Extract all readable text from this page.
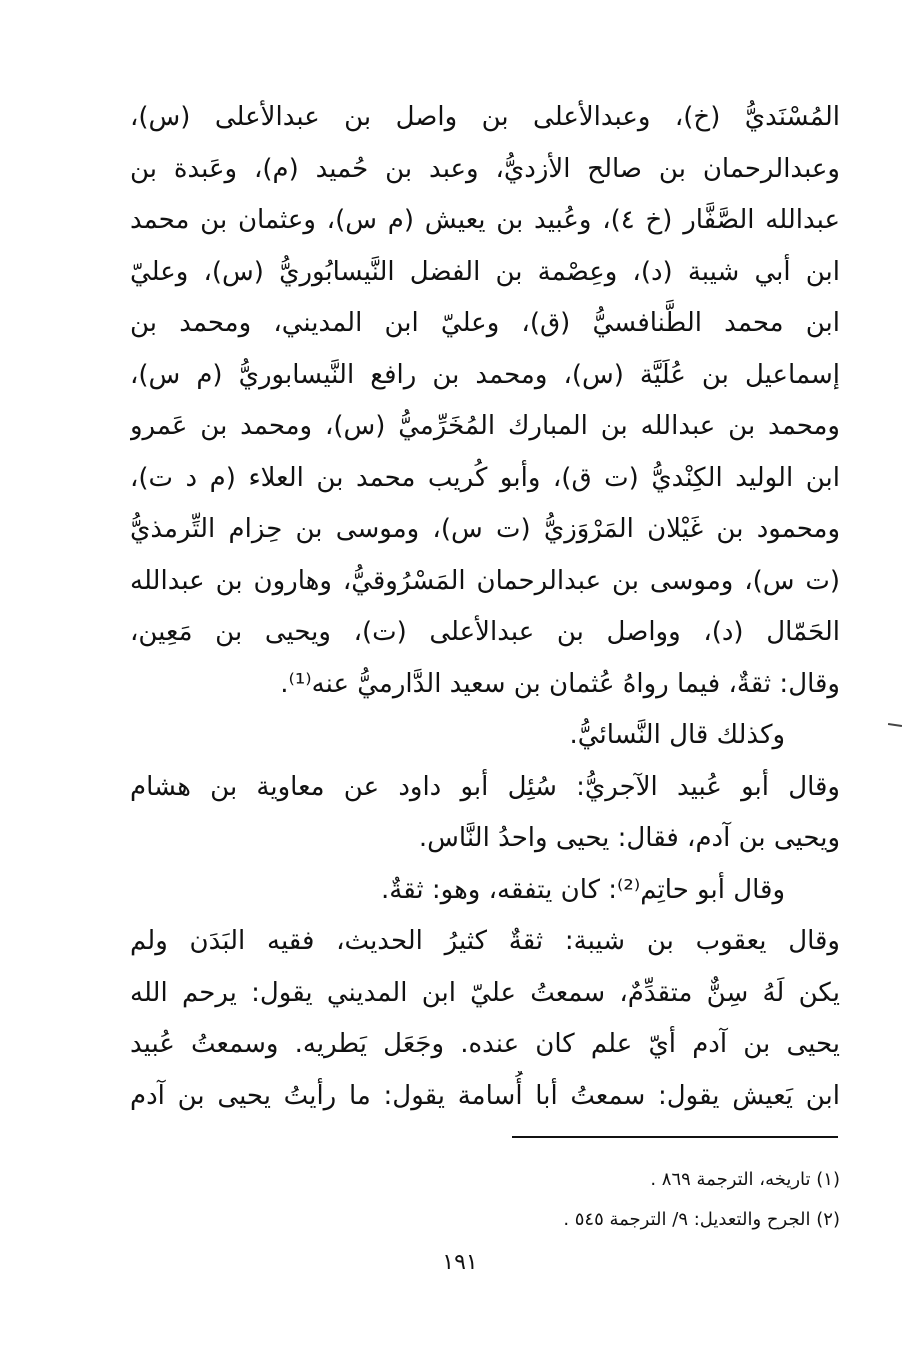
المُسْنَديُّ (خ)، وعبدالأعلى بن واصل بن عبدالأعلى (س)،
وعبدالرحمان بن صالح الأزديُّ، وعبد بن حُميد (م)، وعَبدة بن
عبدالله الصَّفَّار (خ ٤)، وعُبيد بن يعيش (م س)، وعثمان بن محمد
ابن أبي شيبة (د)، وعِصْمة بن الفضل النَّيسابُوريُّ (س)، وعليّ
ابن محمد الطَّنافسيُّ (ق)، وعليّ ابن المديني، ومحمد بن
إسماعيل بن عُلَيَّة (س)، ومحمد بن رافع النَّيسابوريُّ (م س)،
ومحمد بن عبدالله بن المبارك المُخَرِّميُّ (س)، ومحمد بن عَمرو
ابن الوليد الكِنْديُّ (ت ق)، وأبو كُريب محمد بن العلاء (م د ت)،
ومحمود بن غَيْلان المَرْوَزيُّ (ت س)، وموسى بن حِزام التِّرمذيُّ
(ت س)، وموسى بن عبدالرحمان المَسْرُوقيُّ، وهارون بن عبدالله
الحَمّال (د)، وواصل بن عبدالأعلى (ت)، ويحيى بن مَعِين،
وقال: ثقةٌ، فيما رواهُ عُثمان بن سعيد الدَّارميُّ عنه⁽¹⁾.
وكذلك قال النَّسائيُّ.
وقال أبو عُبيد الآجريُّ: سُئِل أبو داود عن معاوية بن هشام
ويحيى بن آدم، فقال: يحيى واحدُ النَّاس.
وقال أبو حاتِم⁽²⁾: كان يتفقه، وهو: ثقةٌ.
وقال يعقوب بن شيبة: ثقةٌ كثيرُ الحديث، فقيه البَدَن ولم
يكن لَهُ سِنٌّ متقدِّمٌ، سمعتُ عليّ ابن المديني يقول: يرحم الله
يحيى بن آدم أيّ علم كان عنده. وجَعَل يَطريه. وسمعتُ عُبيد
ابن يَعيش يقول: سمعتُ أبا أُسامة يقول: ما رأيتُ يحيى بن آدم
(١) تاريخه، الترجمة ٨٦٩ .
(٢) الجرح والتعديل: ٩/ الترجمة ٥٤٥ .
١٩١
